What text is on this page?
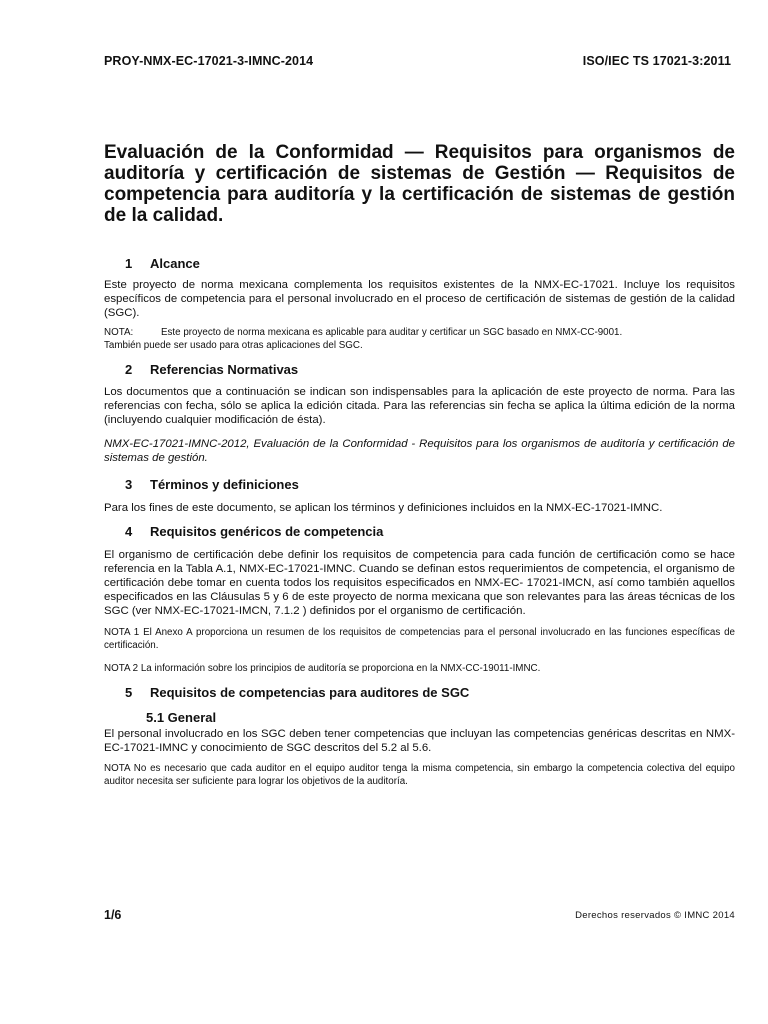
PROY-NMX-EC-17021-3-IMNC-2014	ISO/IEC TS 17021-3:2011
Evaluación de la Conformidad — Requisitos para organismos de auditoría y certificación de sistemas de Gestión — Requisitos de competencia para auditoría y la certificación de sistemas de gestión de la calidad.
1	Alcance

Este proyecto de norma mexicana complementa los requisitos existentes de la NMX-EC-17021. Incluye los requisitos específicos de competencia para el personal involucrado en el proceso de certificación de sistemas de gestión de la calidad (SGC).

NOTA:	Este proyecto de norma mexicana es aplicable para auditar y certificar un SGC basado en NMX-CC-9001.

También puede ser usado para otras aplicaciones del SGC.

2	Referencias Normativas

Los documentos que a continuación se indican son indispensables para la aplicación de este proyecto de norma. Para las referencias con fecha, sólo se aplica la edición citada. Para las referencias sin fecha se aplica la última edición de la norma (incluyendo cualquier modificación de ésta).

NMX-EC-17021-IMNC-2012, Evaluación de la Conformidad - Requisitos para los organismos de auditoría y certificación de sistemas de gestión.

3	Términos y definiciones

Para los fines de este documento, se aplican los términos y definiciones incluidos en la NMX-EC-17021-IMNC.

4	Requisitos genéricos de competencia

El organismo de certificación debe definir los requisitos de competencia para cada función de certificación como se hace referencia en la Tabla A.1, NMX-EC-17021-IMNC. Cuando se definan estos requerimientos de competencia, el organismo de certificación debe tomar en cuenta todos los requisitos especificados en NMX-EC- 17021-IMCN, así como también aquellos especificados en las Cláusulas 5 y 6 de este proyecto de norma mexicana que son relevantes para las áreas técnicas de los SGC (ver NMX-EC-17021-IMCN, 7.1.2 ) definidos por el organismo de certificación.

NOTA 1 El Anexo A proporciona un resumen de los requisitos de competencias para el personal involucrado en las funciones específicas de certificación.

NOTA 2 La información sobre los principios de auditoría se proporciona en la NMX-CC-19011-IMNC.

5	Requisitos de competencias para auditores de SGC

5.1 General

El personal involucrado en los SGC deben tener competencias que incluyan las competencias genéricas descritas en NMX-EC-17021-IMNC y conocimiento de SGC descritos del 5.2 al 5.6.

NOTA No es necesario que cada auditor en el equipo auditor tenga la misma competencia, sin embargo la competencia colectiva del equipo auditor necesita ser suficiente para lograr los objetivos de la auditoría.

1/6	Derechos reservados © IMNC 2014
